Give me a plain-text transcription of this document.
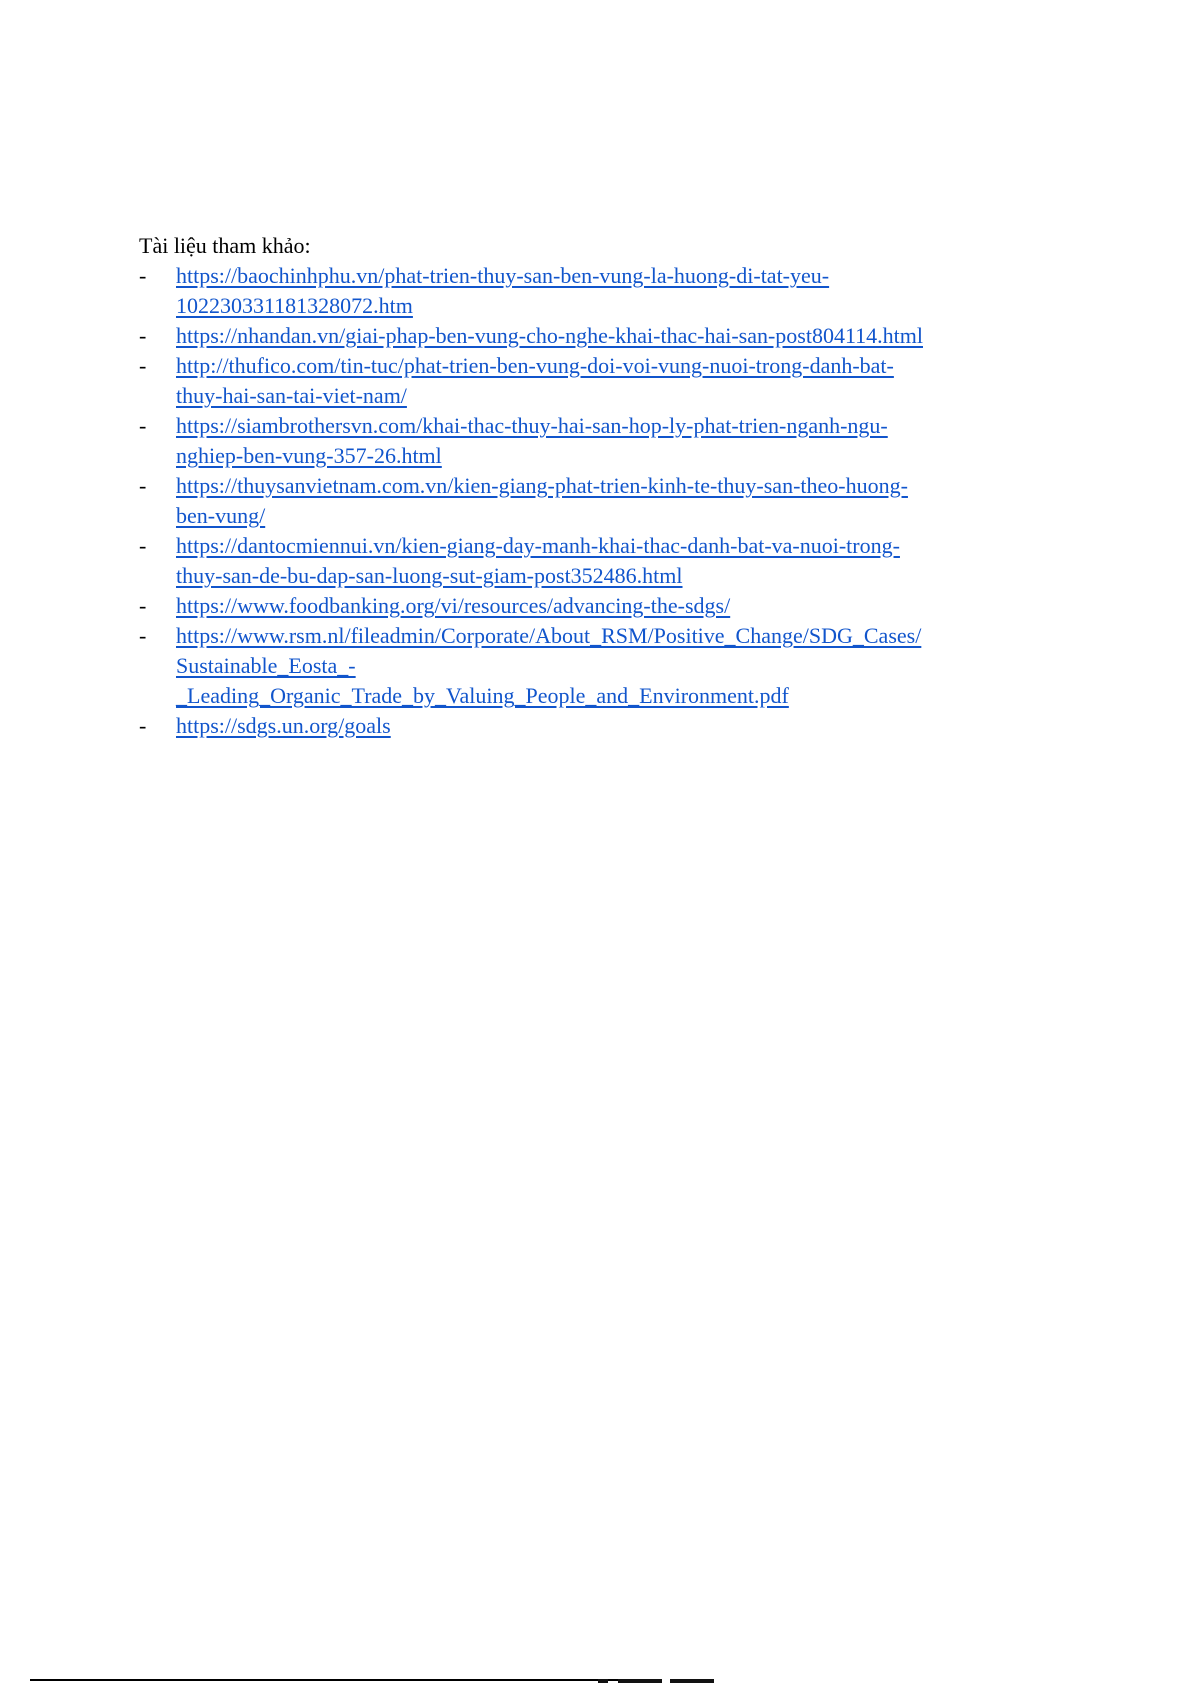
Tài liệu tham khảo:

-	https://baochinhphu.vn/phat-trien-thuy-san-ben-vung-la-huong-di-tat-yeu-
102230331181328072.htm
-	https://nhandan.vn/giai-phap-ben-vung-cho-nghe-khai-thac-hai-san-post804114.html
-	http://thufico.com/tin-tuc/phat-trien-ben-vung-doi-voi-vung-nuoi-trong-danh-bat-
thuy-hai-san-tai-viet-nam/
-	https://siambrothersvn.com/khai-thac-thuy-hai-san-hop-ly-phat-trien-nganh-ngu-
nghiep-ben-vung-357-26.html
-	https://thuysanvietnam.com.vn/kien-giang-phat-trien-kinh-te-thuy-san-theo-huong-
ben-vung/
-	https://dantocmiennui.vn/kien-giang-day-manh-khai-thac-danh-bat-va-nuoi-trong-
thuy-san-de-bu-dap-san-luong-sut-giam-post352486.html
-	https://www.foodbanking.org/vi/resources/advancing-the-sdgs/
-	https://www.rsm.nl/fileadmin/Corporate/About_RSM/Positive_Change/SDG_Cases/
Sustainable_Eosta_-
_Leading_Organic_Trade_by_Valuing_People_and_Environment.pdf
-	https://sdgs.un.org/goals
